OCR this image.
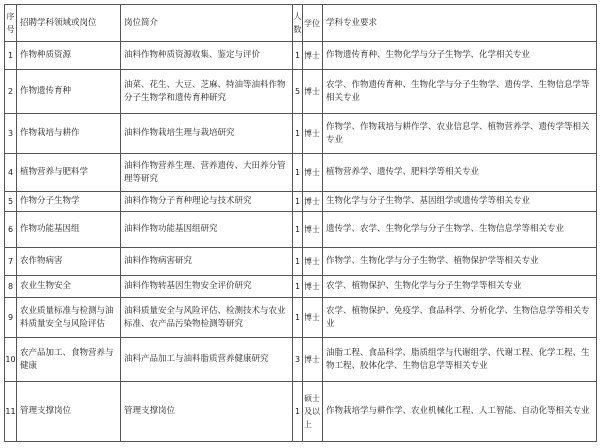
序号	招聘学科领域或岗位	岗位简介	人数	学位	学科专业要求
1	作物种质资源	油料作物种质资源收集、鉴定与评价	1	博士	作物遗传育种、生物化学与分子生物学、化学相关专业
2	作物遗传育种	油菜、花生、大豆、芝麻、特油等油料作物分子生物学和遗传育种研究	5	博士	农学、作物遗传育种、生物化学与分子生物学、遗传学、生物信息学等相关专业
3	作物栽培与耕作	油料作物栽培生理与栽培研究	1	博士	作物学、作物栽培与耕作学、农业信息学、植物营养学、遗传学等相关专业
4	植物营养与肥料学	油料作物营养生理、营养遗传、大田养分管理等研究	1	博士	植物营养学、遗传学、肥料学等相关专业
5	作物分子生物学	油料作物分子育种理论与技术研究	1	博士	生物化学与分子生物学、基因组学或遗传学等相关专业
6	作物功能基因组	油料作物功能基因组研究	1	博士	遗传学、农学、生物化学与分子生物学、生物信息学等相关专业
7	农作物病害	油料作物病害研究	1	博士	作物学、生物化学与分子生物学、植物保护学等相关专业
8	农业生物安全	油料作物转基因生物安全评价研究	1	博士	农学、植物保护、生物化学与分子生物学等相关专业
9	农业质量标准与检测与油料质量安全与风险评估	油料质量安全与风险评估、检测技术与农业标准、农产品污染物检测等研究	1	博士	农学、植物保护、免疫学、食品科学、分析化学、生物信息学等相关专业
10	农产品加工、食物营养与健康	油料产品加工与油料脂质营养健康研究	3	博士	油脂工程、食品科学、脂质组学与代谢组学、代谢工程、化学工程、生物工程、胶体化学、生物信息学等相关专业
11	管理支撑岗位	管理支撑岗位	1	硕士及以上	作物栽培学与耕作学、农业机械化工程、人工智能、自动化等相关专业
